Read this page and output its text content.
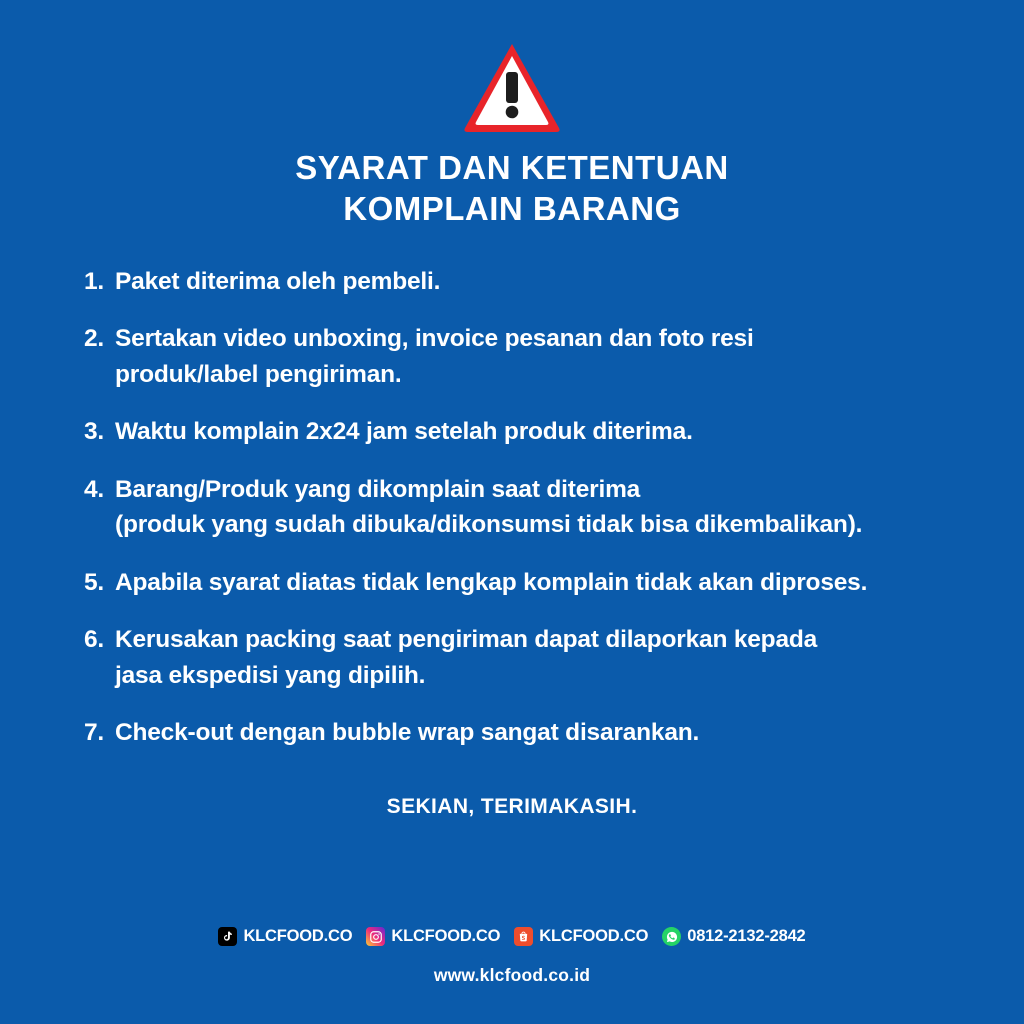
SYARAT DAN KETENTUAN
KOMPLAIN BARANG
1. Paket diterima oleh pembeli.
2. Sertakan video unboxing, invoice pesanan dan foto resi
produk/label pengiriman.
3. Waktu komplain 2x24 jam setelah produk diterima.
4. Barang/Produk yang dikomplain saat diterima
(produk yang sudah dibuka/dikonsumsi tidak bisa dikembalikan).
5. Apabila syarat diatas tidak lengkap komplain tidak akan diproses.
6. Kerusakan packing saat pengiriman dapat dilaporkan kepada
jasa ekspedisi yang dipilih.
7. Check-out dengan bubble wrap sangat disarankan.
SEKIAN, TERIMAKASIH.
KLCFOOD.CO KLCFOOD.CO KLCFOOD.CO 0812-2132-2842
www.klcfood.co.id
